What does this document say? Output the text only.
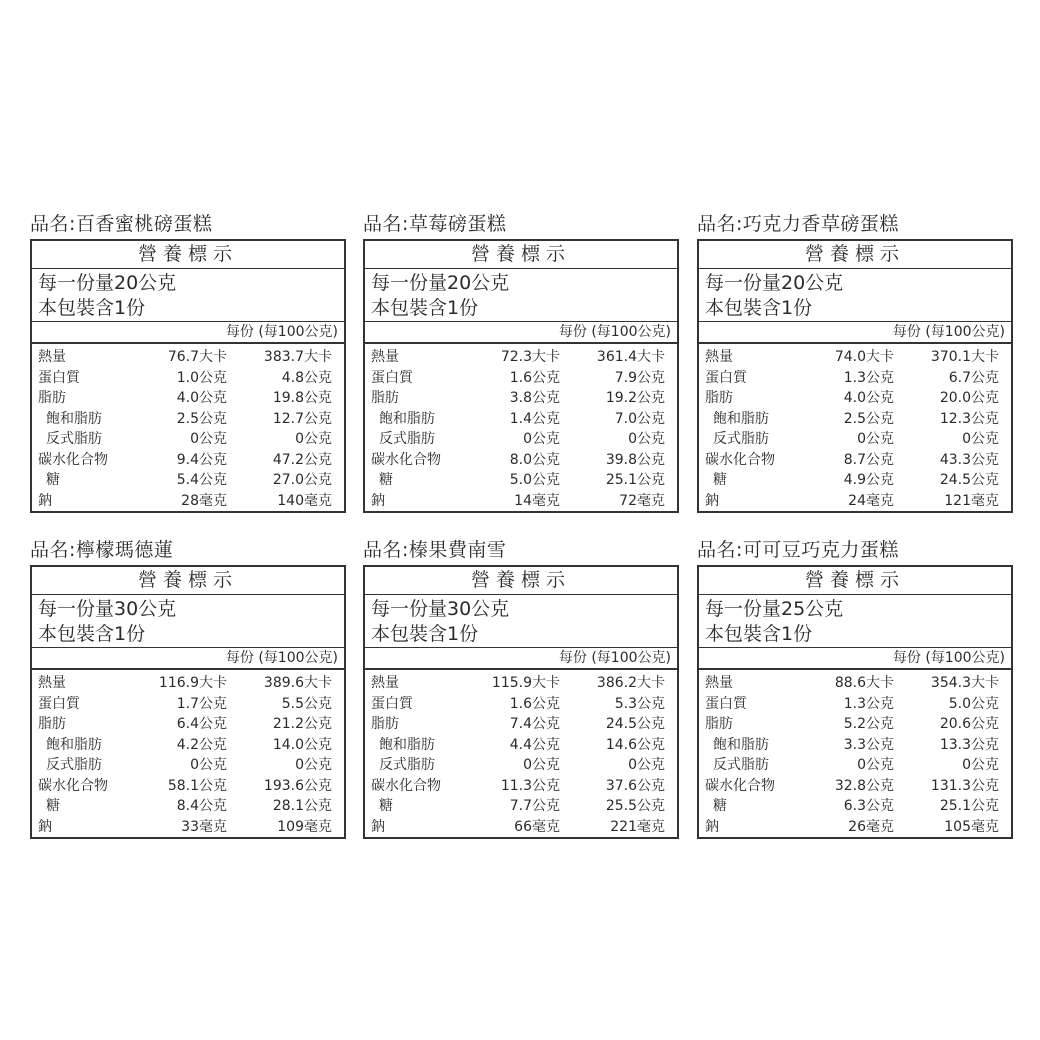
品名:百香蜜桃磅蛋糕
營養標示
每一份量20公克
本包裝含1份
每份 (每100公克)
熱量	76.7大卡	383.7大卡
蛋白質	1.0公克	4.8公克
脂肪	4.0公克	19.8公克
飽和脂肪	2.5公克	12.7公克
反式脂肪	0公克	0公克
碳水化合物	9.4公克	47.2公克
糖	5.4公克	27.0公克
鈉	28毫克	140毫克
品名:草莓磅蛋糕
營養標示
每一份量20公克
本包裝含1份
每份 (每100公克)
熱量	72.3大卡	361.4大卡
蛋白質	1.6公克	7.9公克
脂肪	3.8公克	19.2公克
飽和脂肪	1.4公克	7.0公克
反式脂肪	0公克	0公克
碳水化合物	8.0公克	39.8公克
糖	5.0公克	25.1公克
鈉	14毫克	72毫克
品名:巧克力香草磅蛋糕
營養標示
每一份量20公克
本包裝含1份
每份 (每100公克)
熱量	74.0大卡	370.1大卡
蛋白質	1.3公克	6.7公克
脂肪	4.0公克	20.0公克
飽和脂肪	2.5公克	12.3公克
反式脂肪	0公克	0公克
碳水化合物	8.7公克	43.3公克
糖	4.9公克	24.5公克
鈉	24毫克	121毫克
品名:檸檬瑪德蓮
營養標示
每一份量30公克
本包裝含1份
每份 (每100公克)
熱量	116.9大卡	389.6大卡
蛋白質	1.7公克	5.5公克
脂肪	6.4公克	21.2公克
飽和脂肪	4.2公克	14.0公克
反式脂肪	0公克	0公克
碳水化合物	58.1公克	193.6公克
糖	8.4公克	28.1公克
鈉	33毫克	109毫克
品名:榛果費南雪
營養標示
每一份量30公克
本包裝含1份
每份 (每100公克)
熱量	115.9大卡	386.2大卡
蛋白質	1.6公克	5.3公克
脂肪	7.4公克	24.5公克
飽和脂肪	4.4公克	14.6公克
反式脂肪	0公克	0公克
碳水化合物	11.3公克	37.6公克
糖	7.7公克	25.5公克
鈉	66毫克	221毫克
品名:可可豆巧克力蛋糕
營養標示
每一份量25公克
本包裝含1份
每份 (每100公克)
熱量	88.6大卡	354.3大卡
蛋白質	1.3公克	5.0公克
脂肪	5.2公克	20.6公克
飽和脂肪	3.3公克	13.3公克
反式脂肪	0公克	0公克
碳水化合物	32.8公克	131.3公克
糖	6.3公克	25.1公克
鈉	26毫克	105毫克
